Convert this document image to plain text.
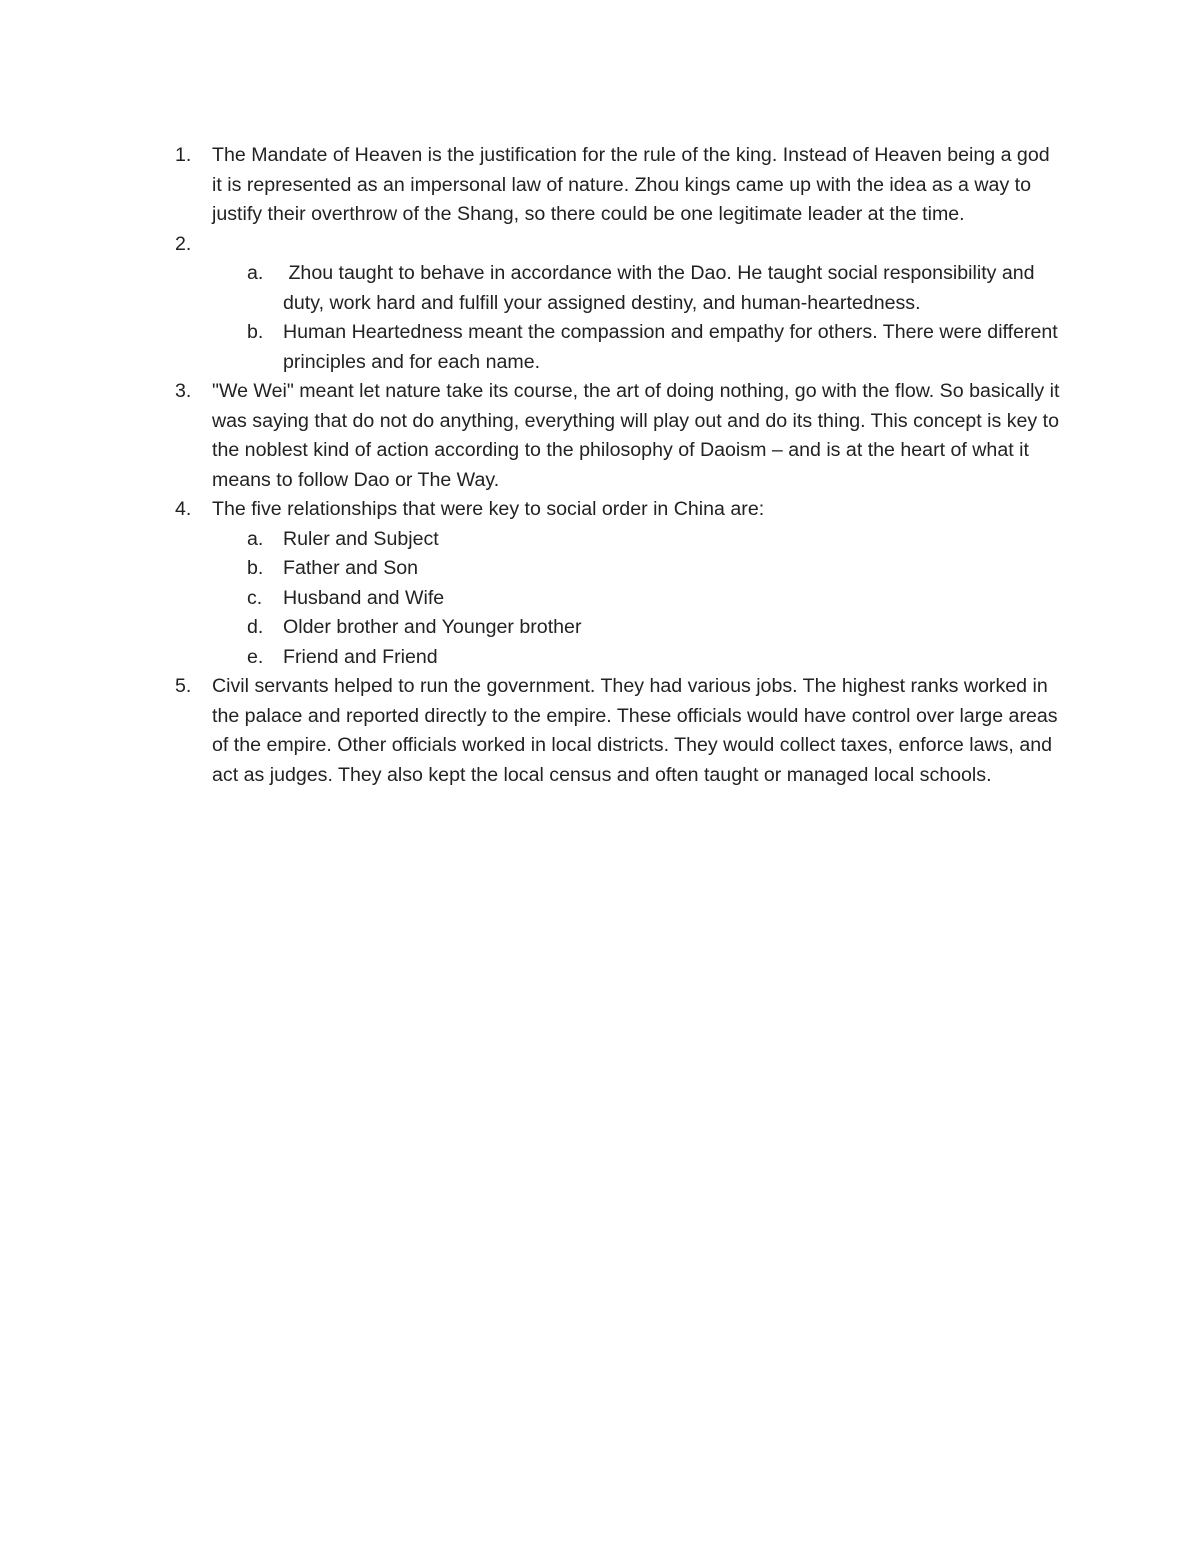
1. The Mandate of Heaven is the justification for the rule of the king. Instead of Heaven being a god it is represented as an impersonal law of nature. Zhou kings came up with the idea as a way to justify their overthrow of the Shang, so there could be one legitimate leader at the time.
2.
a. Zhou taught to behave in accordance with the Dao. He taught social responsibility and duty, work hard and fulfill your assigned destiny, and human-heartedness.
b. Human Heartedness meant the compassion and empathy for others. There were different principles and for each name.
3. "We Wei" meant let nature take its course, the art of doing nothing, go with the flow. So basically it was saying that do not do anything, everything will play out and do its thing. This concept is key to the noblest kind of action according to the philosophy of Daoism – and is at the heart of what it means to follow Dao or The Way.
4. The five relationships that were key to social order in China are:
a. Ruler and Subject
b. Father and Son
c. Husband and Wife
d. Older brother and Younger brother
e. Friend and Friend
5. Civil servants helped to run the government. They had various jobs. The highest ranks worked in the palace and reported directly to the empire. These officials would have control over large areas of the empire. Other officials worked in local districts. They would collect taxes, enforce laws, and act as judges. They also kept the local census and often taught or managed local schools.
